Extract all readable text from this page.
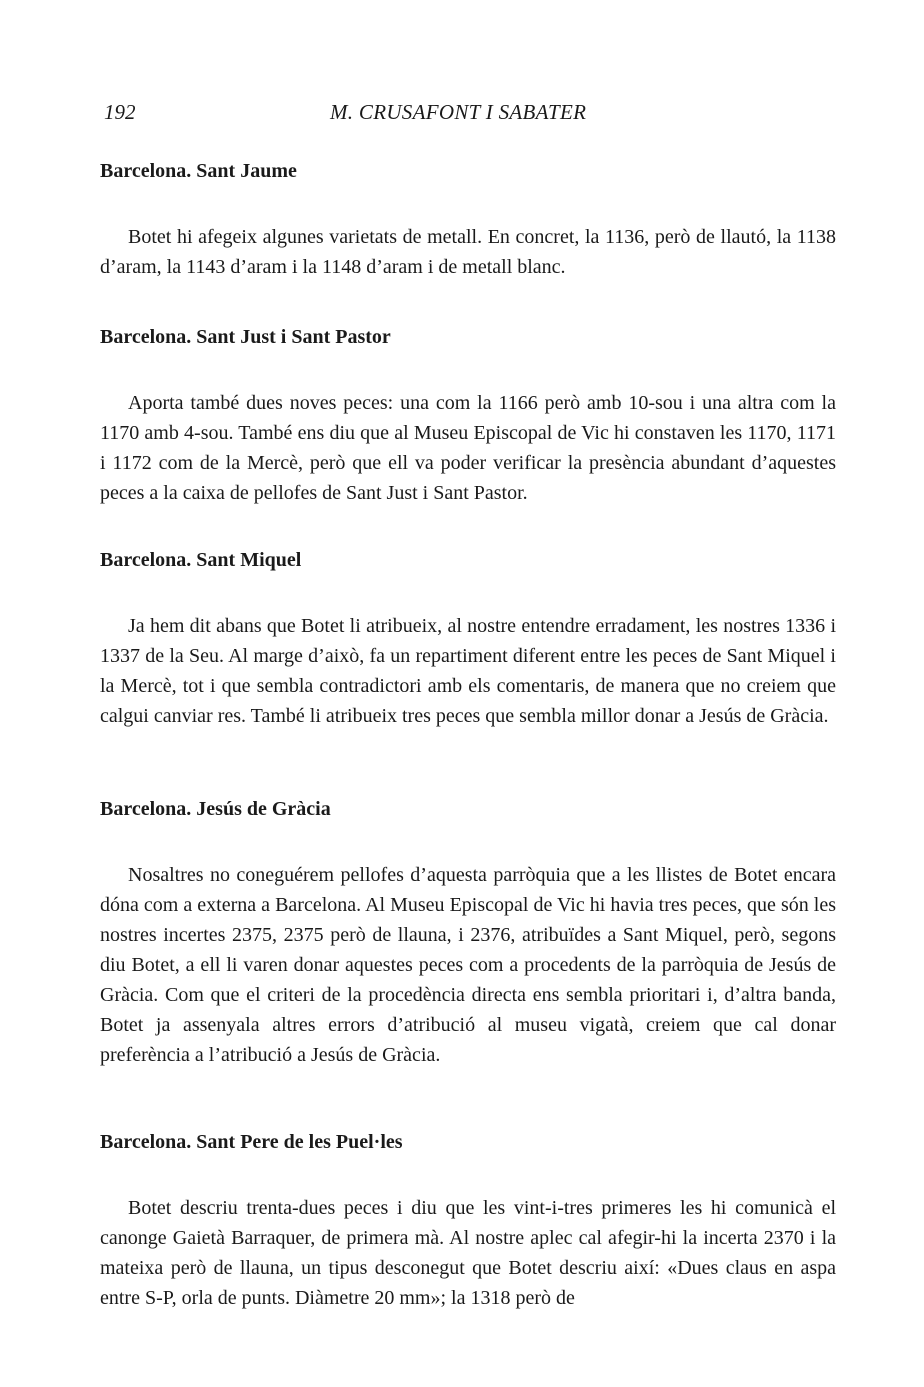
192	M. CRUSAFONT I SABATER
Barcelona. Sant Jaume

Botet hi afegeix algunes varietats de metall. En concret, la 1136, però de llautó, la 1138 d’aram, la 1143 d’aram i la 1148 d’aram i de metall blanc.

Barcelona. Sant Just i Sant Pastor

Aporta també dues noves peces: una com la 1166 però amb 10-sou i una altra com la 1170 amb 4-sou. També ens diu que al Museu Episcopal de Vic hi constaven les 1170, 1171 i 1172 com de la Mercè, però que ell va poder verificar la presència abundant d’aquestes peces a la caixa de pellofes de Sant Just i Sant Pastor.

Barcelona. Sant Miquel

Ja hem dit abans que Botet li atribueix, al nostre entendre erradament, les nostres 1336 i 1337 de la Seu. Al marge d’això, fa un repartiment diferent entre les peces de Sant Miquel i la Mercè, tot i que sembla contradictori amb els comentaris, de manera que no creiem que calgui canviar res. També li atribueix tres peces que sembla millor donar a Jesús de Gràcia.

Barcelona. Jesús de Gràcia

Nosaltres no coneguérem pellofes d’aquesta parròquia que a les llistes de Botet encara dóna com a externa a Barcelona. Al Museu Episcopal de Vic hi havia tres peces, que són les nostres incertes 2375, 2375 però de llauna, i 2376, atribuïdes a Sant Miquel, però, segons diu Botet, a ell li varen donar aquestes peces com a procedents de la parròquia de Jesús de Gràcia. Com que el criteri de la procedència directa ens sembla prioritari i, d’altra banda, Botet ja assenyala altres errors d’atribució al museu vigatà, creiem que cal donar preferència a l’atribució a Jesús de Gràcia.

Barcelona. Sant Pere de les Puel·les

Botet descriu trenta-dues peces i diu que les vint-i-tres primeres les hi comunicà el canonge Gaietà Barraquer, de primera mà. Al nostre aplec cal afegir-hi la incerta 2370 i la mateixa però de llauna, un tipus desconegut que Botet descriu així: «Dues claus en aspa entre S-P, orla de punts. Diàmetre 20 mm»; la 1318 però de
